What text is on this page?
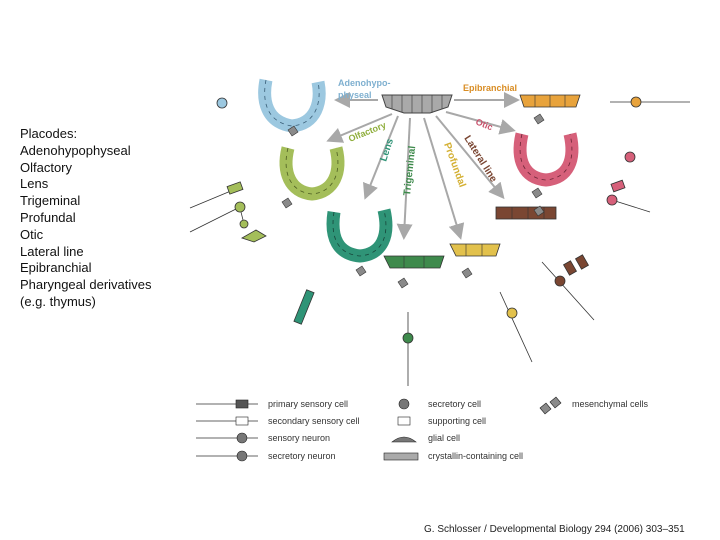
Placodes:
Adenohypophyseal
Olfactory
Lens
Trigeminal
Profundal
Otic
Lateral line
Epibranchial
Pharyngeal derivatives
(e.g. thymus)
Adenohypo-
physeal
Epibranchial
Olfactory	Otic
Lens Trigeminal Profundal
Lateral line
primary sensory cell
secondary sensory cell
sensory neuron
secretory neuron
secretory cell
supporting cell
glial cell
crystallin-containing cell
mesenchymal cells
G. Schlosser / Developmental Biology 294 (2006) 303–351
